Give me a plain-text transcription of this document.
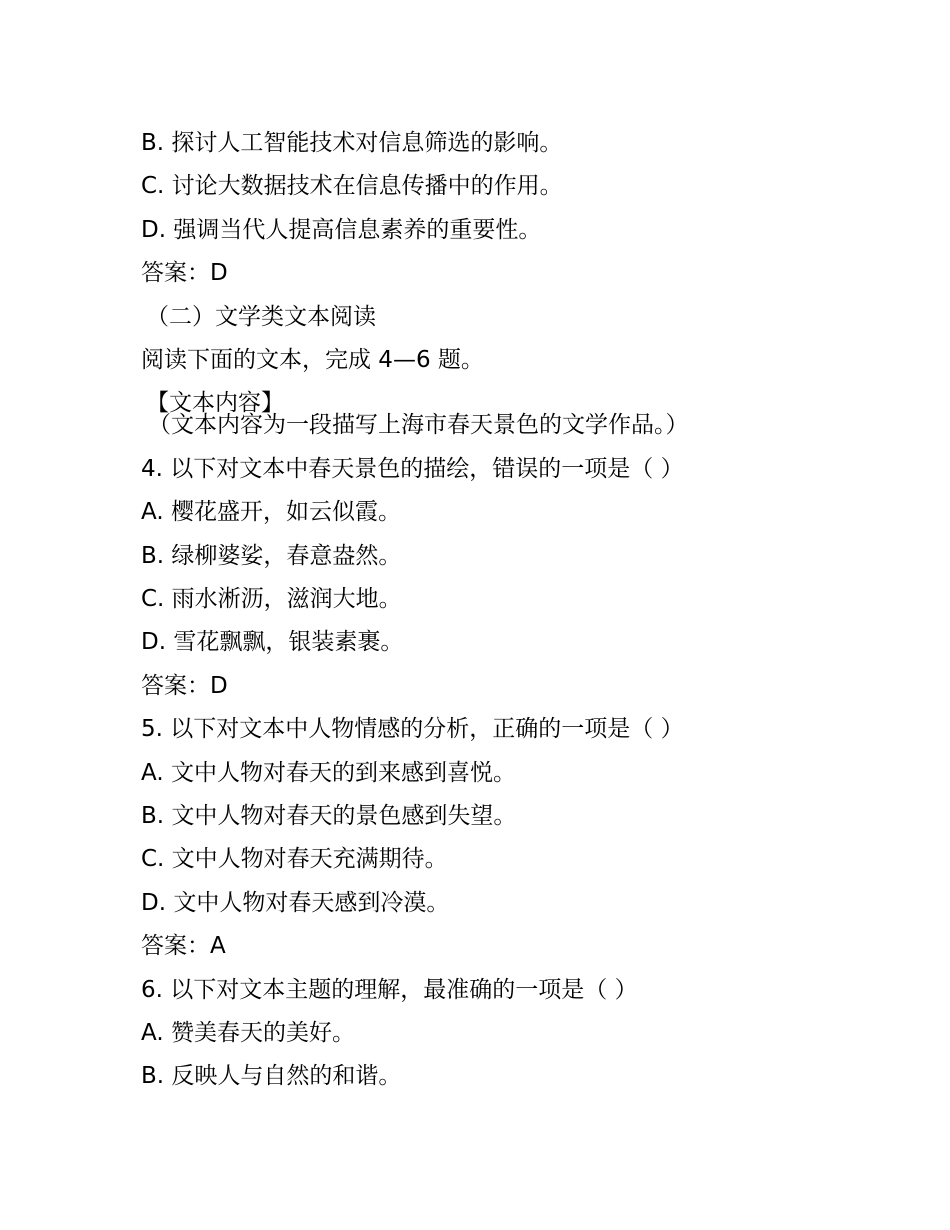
B. 探讨人工智能技术对信息筛选的影响。
C. 讨论大数据技术在信息传播中的作用。
D. 强调当代人提高信息素养的重要性。
答案：D
（二）文学类文本阅读
阅读下面的文本，完成 4—6 题。
【文本内容】
（文本内容为一段描写上海市春天景色的文学作品。）
4. 以下对文本中春天景色的描绘，错误的一项是（ ）
A. 樱花盛开，如云似霞。
B. 绿柳婆娑，春意盎然。
C. 雨水淅沥，滋润大地。
D. 雪花飘飘，银装素裹。
答案：D
5. 以下对文本中人物情感的分析，正确的一项是（ ）
A. 文中人物对春天的到来感到喜悦。
B. 文中人物对春天的景色感到失望。
C. 文中人物对春天充满期待。
D. 文中人物对春天感到冷漠。
答案：A
6. 以下对文本主题的理解，最准确的一项是（ ）
A. 赞美春天的美好。
B. 反映人与自然的和谐。
